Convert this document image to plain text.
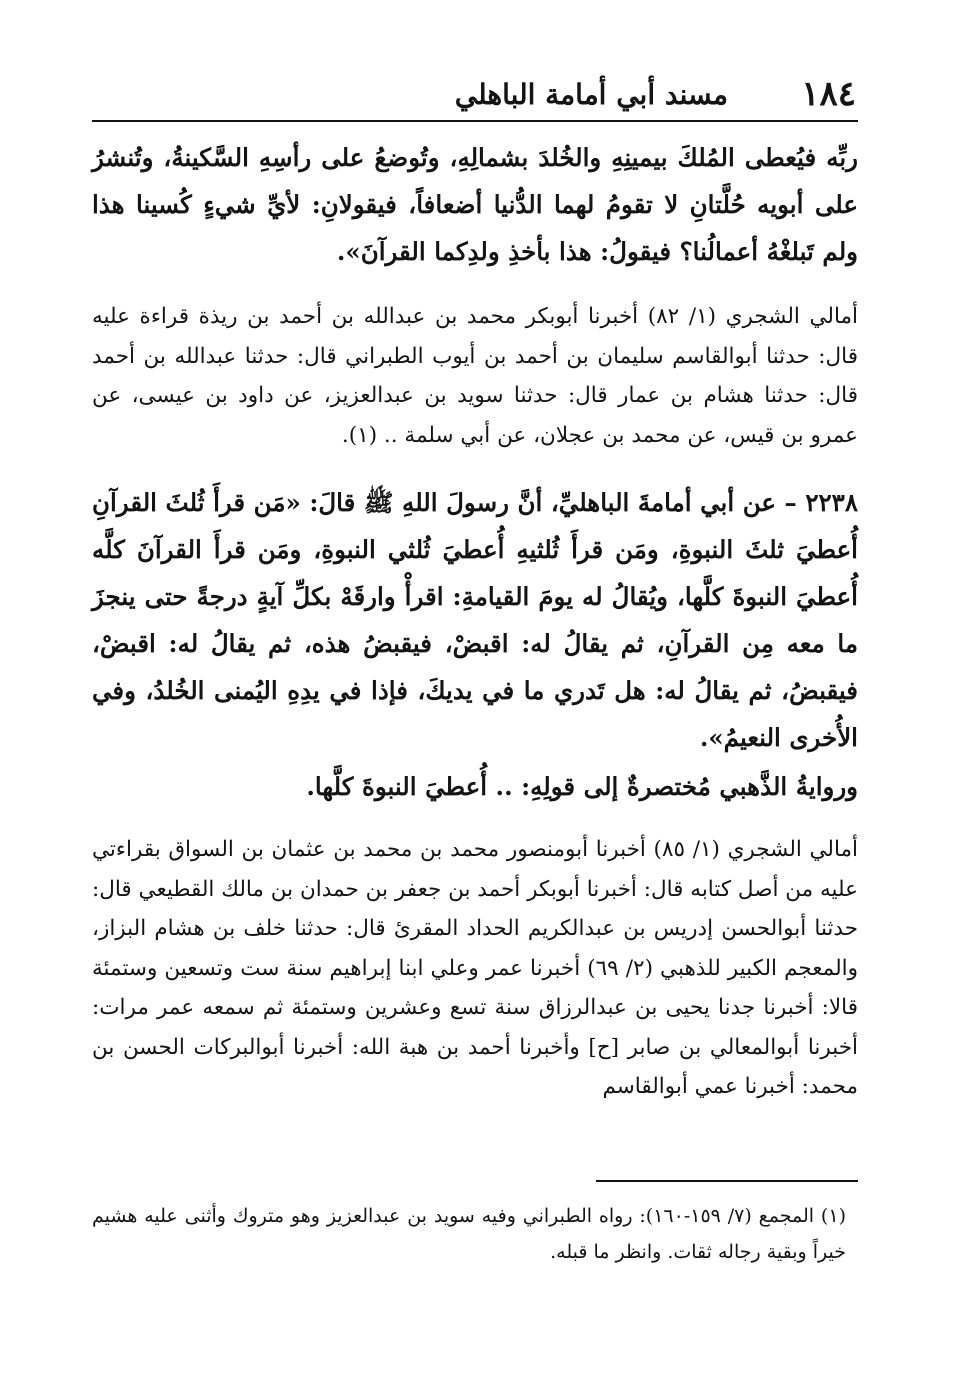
١٨٤
مسند أبي أمامة الباهلي

ربِّه فيُعطى المُلكَ بيمينِهِ والخُلدَ بشمالِهِ، وتُوضعُ على رأسِهِ السَّكينةُ، وتُنشرُ على أبويه حُلَّتانِ لا تقومُ لهما الدُّنيا أضعافاً، فيقولانِ: لأيِّ شيءٍ كُسينا هذا ولم تَبلغْهُ أعمالُنا؟ فيقولُ: هذا بأخذِ ولدِكما القرآنَ».

أمالي الشجري (١/ ٨٢) أخبرنا أبوبكر محمد بن عبدالله بن أحمد بن ريذة قراءة عليه قال: حدثنا أبوالقاسم سليمان بن أحمد بن أيوب الطبراني قال: حدثنا عبدالله بن أحمد قال: حدثنا هشام بن عمار قال: حدثنا سويد بن عبدالعزيز، عن داود بن عيسى، عن عمرو بن قيس، عن محمد بن عجلان، عن أبي سلمة .. (١).

٢٢٣٨ – عن أبي أمامةَ الباهليِّ، أنَّ رسولَ اللهِ ﷺ قالَ: «مَن قرأَ ثُلثَ القرآنِ أُعطيَ ثلثَ النبوةِ، ومَن قرأَ ثُلثيهِ أُعطيَ ثُلثي النبوةِ، ومَن قرأَ القرآنَ كلَّه أُعطيَ النبوةَ كلَّها، ويُقالُ له يومَ القيامةِ: اقرأْ وارقَهْ بكلِّ آيةٍ درجةً حتى ينجزَ ما معه مِن القرآنِ، ثم يقالُ له: اقبضْ، فيقبضُ هذه، ثم يقالُ له: اقبضْ، فيقبضُ، ثم يقالُ له: هل تَدري ما في يديكَ، فإذا في يدِهِ اليُمنى الخُلدُ، وفي الأُخرى النعيمُ».

وروايةُ الذَّهبي مُختصرةٌ إلى قولِهِ: .. أُعطيَ النبوةَ كلَّها.

أمالي الشجري (١/ ٨٥) أخبرنا أبومنصور محمد بن محمد بن عثمان بن السواق بقراءتي عليه من أصل كتابه قال: أخبرنا أبوبكر أحمد بن جعفر بن حمدان بن مالك القطيعي قال: حدثنا أبوالحسن إدريس بن عبدالكريم الحداد المقرئ قال: حدثنا خلف بن هشام البزاز، والمعجم الكبير للذهبي (٢/ ٦٩) أخبرنا عمر وعلي ابنا إبراهيم سنة ست وتسعين وستمئة قالا: أخبرنا جدنا يحيى بن عبدالرزاق سنة تسع وعشرين وستمئة ثم سمعه عمر مرات: أخبرنا أبوالمعالي بن صابر [ح] وأخبرنا أحمد بن هبة الله: أخبرنا أبوالبركات الحسن بن محمد: أخبرنا عمي أبوالقاسم

(١) المجمع (٧/ ١٥٩-١٦٠): رواه الطبراني وفيه سويد بن عبدالعزيز وهو متروك وأثنى عليه هشيم خيراً وبقية رجاله ثقات. وانظر ما قبله.
